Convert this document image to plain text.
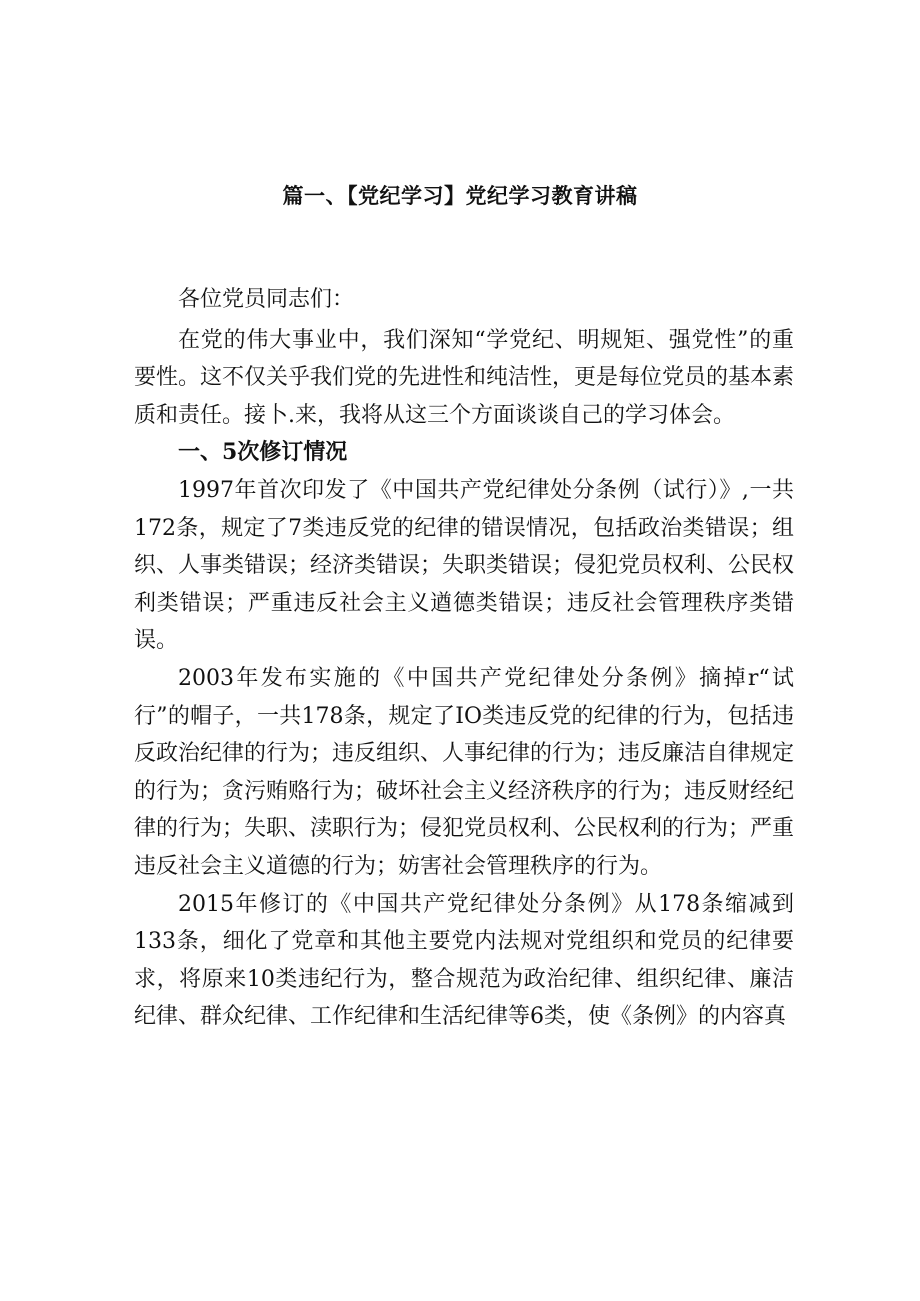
篇一、【党纪学习】党纪学习教育讲稿

各位党员同志们：

在党的伟大事业中，我们深知“学党纪、明规矩、强党性”的重要性。这不仅关乎我们党的先进性和纯洁性，更是每位党员的基本素质和责任。接卜.来，我将从这三个方面谈谈自己的学习体会。

一、5次修订情况

1997年首次印发了《中国共产党纪律处分条例（试行）》,一共172条，规定了7类违反党的纪律的错误情况，包括政治类错误；组织、人事类错误；经济类错误；失职类错误；侵犯党员权利、公民权利类错误；严重违反社会主义遒德类错误；违反社会管理秩序类错误。

2003年发布实施的《中国共产党纪律处分条例》摘掉r“试行”的帽子，一共178条，规定了IO类违反党的纪律的行为，包括违反政治纪律的行为；违反组织、人事纪律的行为；违反廉洁自律规定的行为；贪污贿赂行为；破坏社会主义经济秩序的行为；违反财经纪律的行为；失职、渎职行为；侵犯党员权利、公民权利的行为；严重违反社会主义道德的行为；妨害社会管理秩序的行为。

2015年修订的《中国共产党纪律处分条例》从178条缩减到133条，细化了党章和其他主要党内法规对党组织和党员的纪律要求，将原来10类违纪行为，整合规范为政治纪律、组织纪律、廉洁纪律、群众纪律、工作纪律和生活纪律等6类，使《条例》的内容真
